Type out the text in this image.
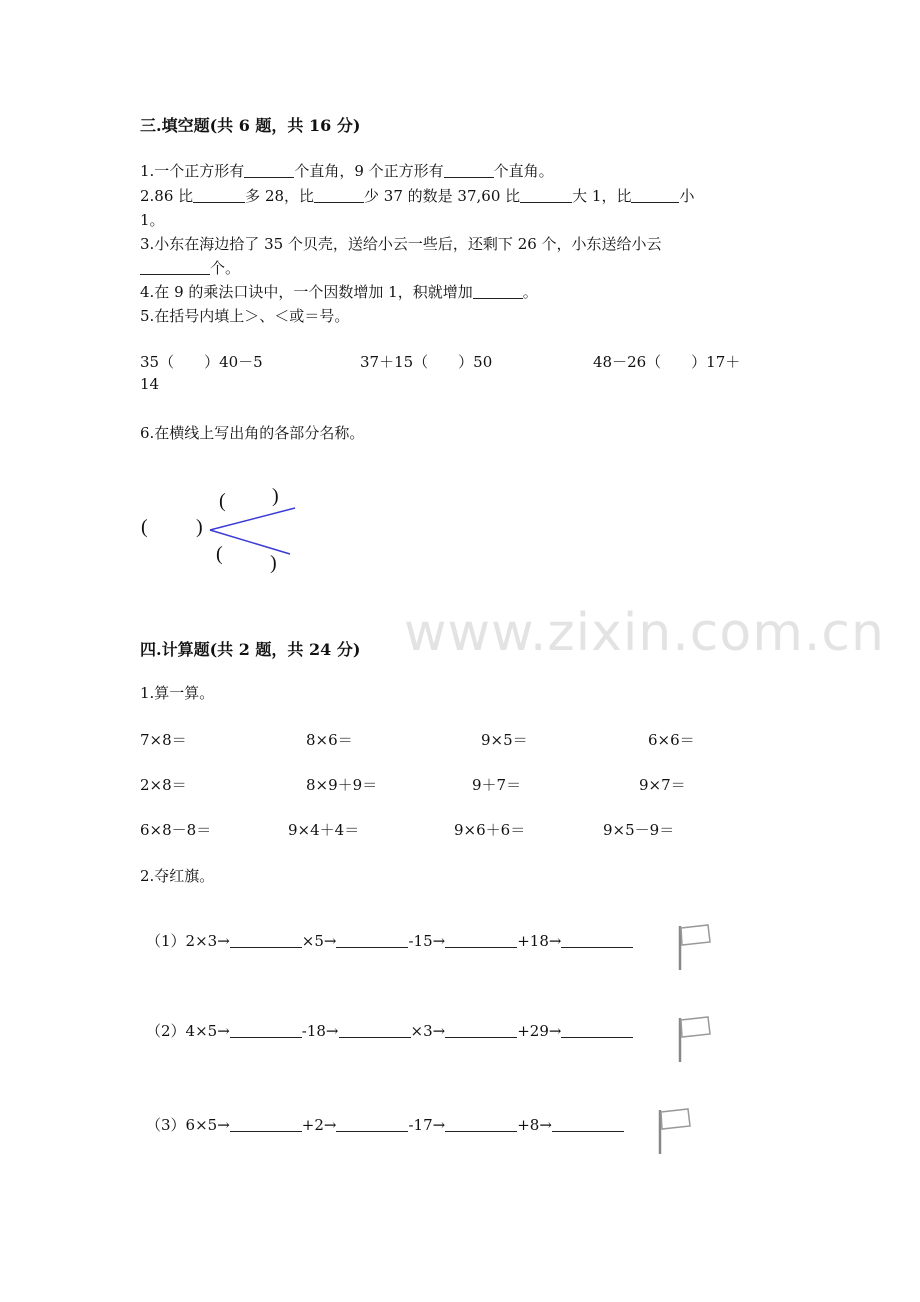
www.zixin.com.cn
三.填空题(共 6 题，共 16 分)
1.一个正方形有	个直角，9 个正方形有	个直角。
2.86 比	多 28，比	少 37 的数是 37,60 比	大 1，比	小
1。
3.小东在海边拾了 35 个贝壳，送给小云一些后，还剩下 26 个，小东送给小云
个。
4.在 9 的乘法口诀中，一个因数增加 1，积就增加	。
5.在括号内填上＞、＜或＝号。
35（　　）40－5	37＋15（　　）50	48－26（　　）17＋
14
6.在横线上写出角的各部分名称。
( )
( )
( )
四.计算题(共 2 题，共 24 分)
1.算一算。
7×8＝	8×6＝	9×5＝	6×6＝
2×8＝	8×9＋9＝	9＋7＝	9×7＝
6×8－8＝	9×4＋4＝	9×6＋6＝	9×5－9＝
2.夺红旗。
（1）2×3→	×5→	-15→	+18→
（2）4×5→	-18→	×3→	+29→
（3）6×5→	+2→	-17→	+8→
